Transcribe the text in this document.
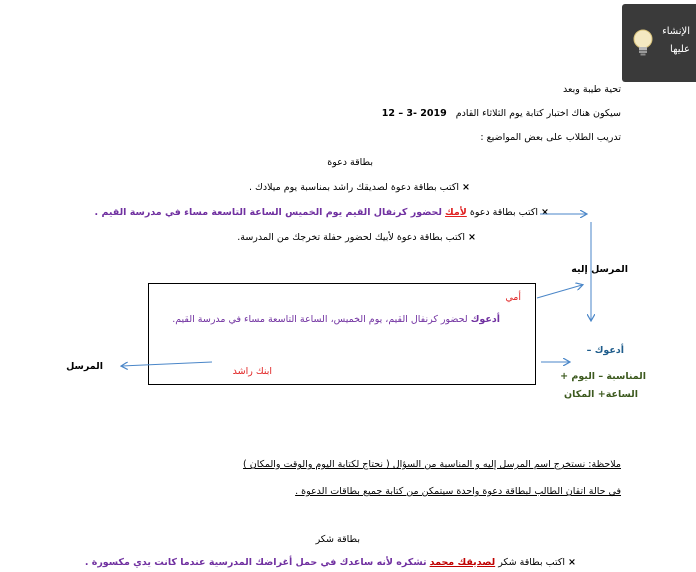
الإنشاء
عليها
تحية طيبة وبعد
سيكون هناك اختبار كتابة يوم الثلاثاء القادم 12 – 3- 2019
تدريب الطلاب على بعض المواضيع :
بطاقة دعوة
× اكتب بطاقة دعوة لصديقك راشد بمناسبة يوم ميلادك .
× اكتب بطاقة دعوة لأمك لحضور كرنفال القيم يوم الخميس الساعة التاسعة مساء في مدرسة القيم .
× اكتب بطاقة دعوة لأبيك لحضور حفلة تخرجك من المدرسة.
المرسل إليه
المرسل
أمي
أدعوك لحضور كرنفال القيم، يوم الخميس، الساعة التاسعة مساء في مدرسة القيم.
ابنك راشد
أدعوك –
المناسبة – اليوم +
الساعة+ المكان
ملاحظة: نستخرج اسم المرسل إليه و المناسبة من السؤال ( نحتاج لكتابة اليوم والوقت والمكان )
في حالة اتقان الطالب لبطاقة دعوة واحدة سيتمكن من كتابة جميع بطاقات الدعوة .
بطاقة شكر
× اكتب بطاقة شكر لصديقك محمد تشكره لأنه ساعدك في حمل أغراضك المدرسية عندما كانت يدي مكسورة .
